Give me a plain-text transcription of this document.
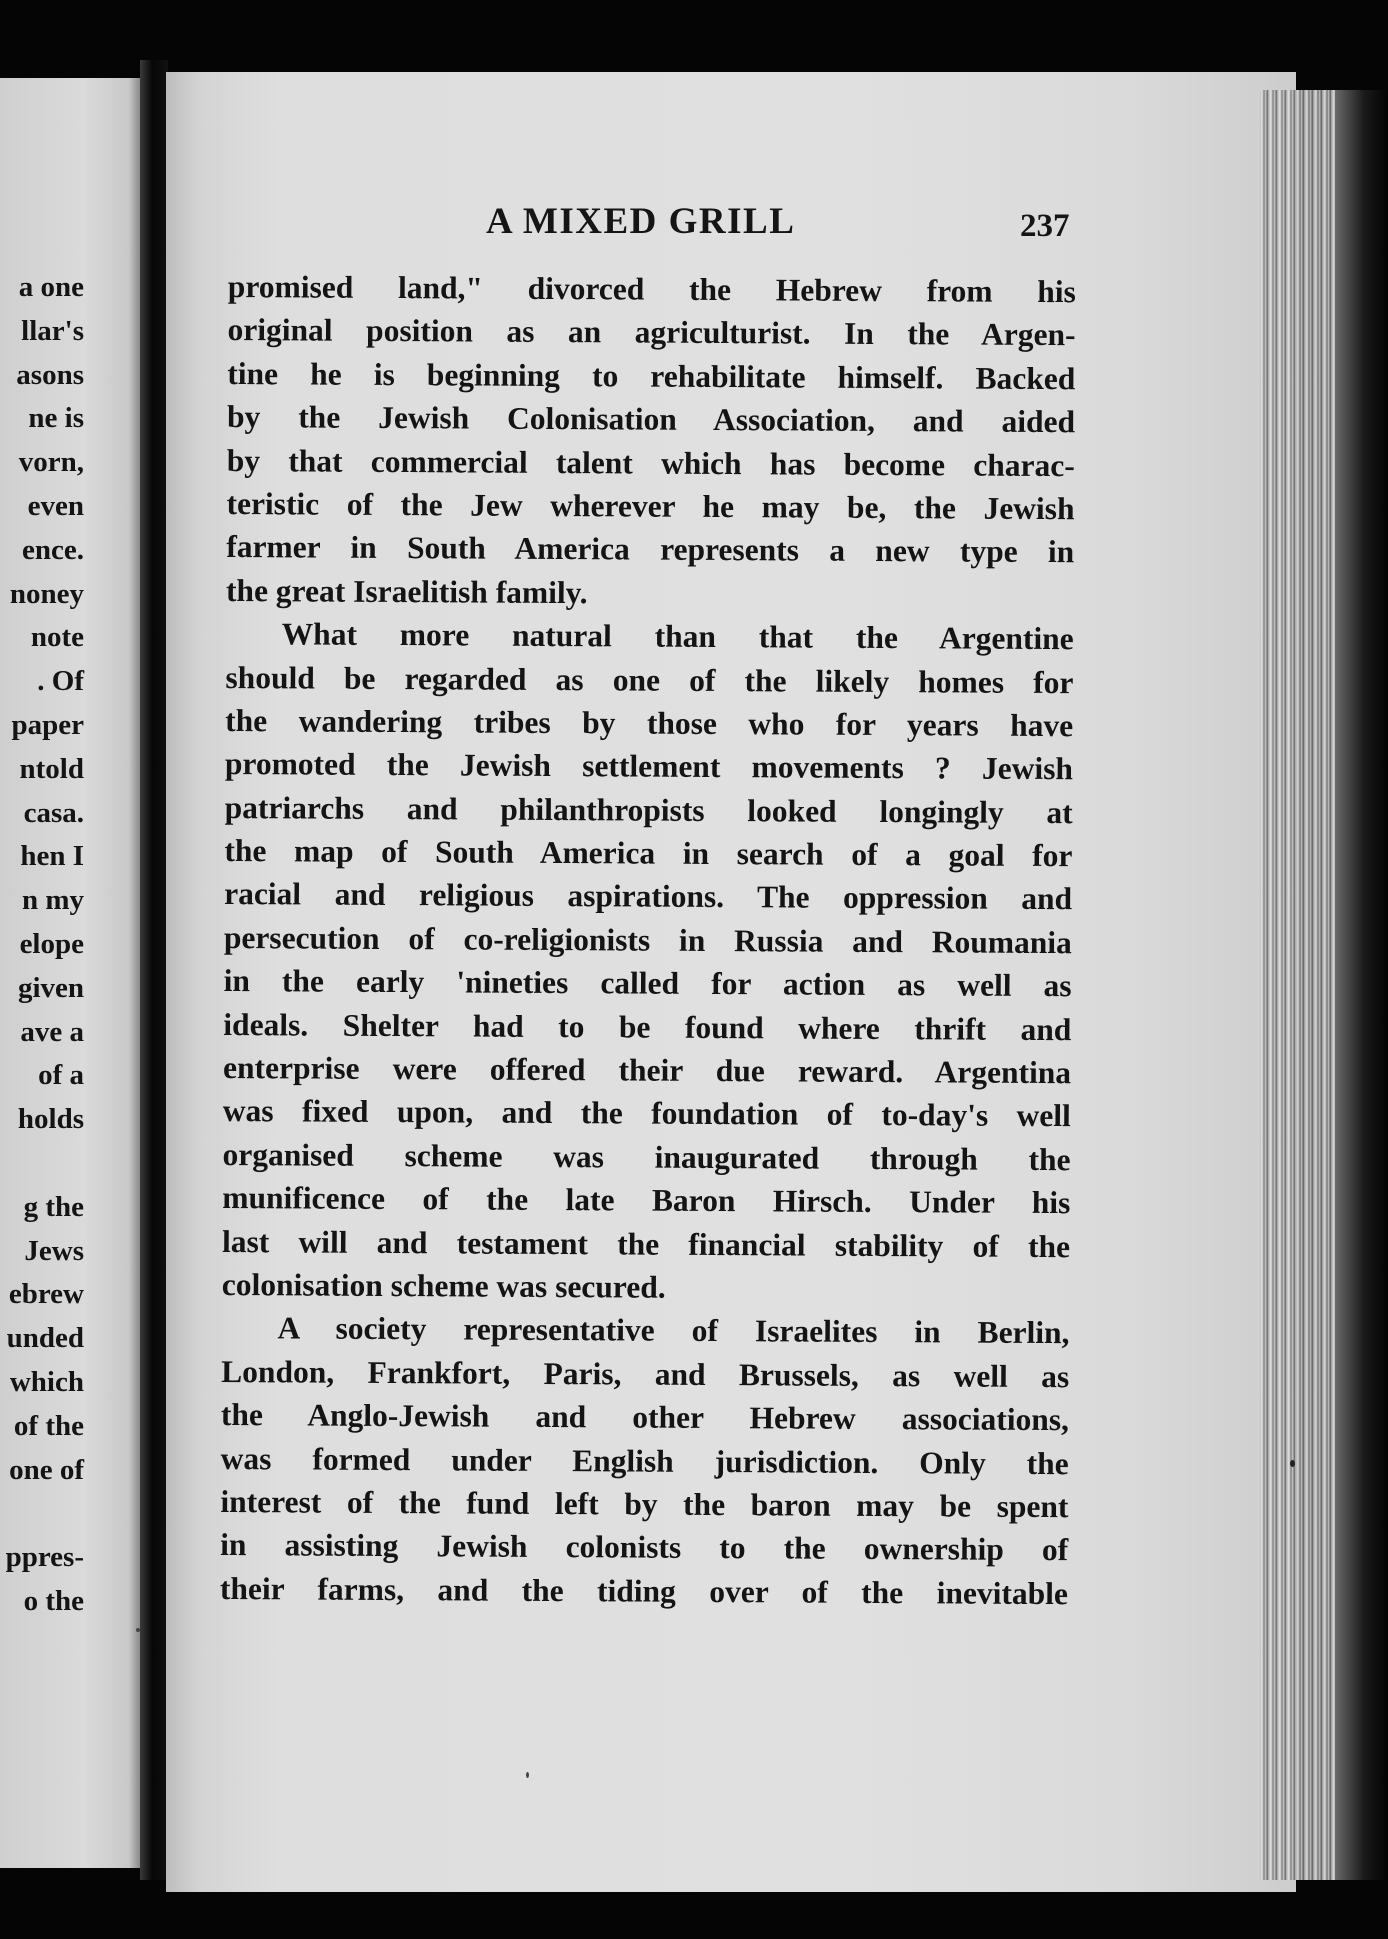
a one
llar's
asons
ne is
vorn,
even
ence.
noney
note
. Of
paper
ntold
casa.
hen I
n my
elope
given
ave a
of a
holds
g the
Jews
ebrew
unded
which
of the
one of
ppres-
o the
A MIXED GRILL	237
promised land," divorced the Hebrew from his
original position as an agriculturist. In the Argen-
tine he is beginning to rehabilitate himself. Backed
by the Jewish Colonisation Association, and aided
by that commercial talent which has become charac-
teristic of the Jew wherever he may be, the Jewish
farmer in South America represents a new type in
the great Israelitish family.
What more natural than that the Argentine
should be regarded as one of the likely homes for
the wandering tribes by those who for years have
promoted the Jewish settlement movements ? Jewish
patriarchs and philanthropists looked longingly at
the map of South America in search of a goal for
racial and religious aspirations. The oppression and
persecution of co-religionists in Russia and Roumania
in the early 'nineties called for action as well as
ideals. Shelter had to be found where thrift and
enterprise were offered their due reward. Argentina
was fixed upon, and the foundation of to-day's well
organised scheme was inaugurated through the
munificence of the late Baron Hirsch. Under his
last will and testament the financial stability of the
colonisation scheme was secured.
A society representative of Israelites in Berlin,
London, Frankfort, Paris, and Brussels, as well as
the Anglo-Jewish and other Hebrew associations,
was formed under English jurisdiction. Only the
interest of the fund left by the baron may be spent
in assisting Jewish colonists to the ownership of
their farms, and the tiding over of the inevitable
